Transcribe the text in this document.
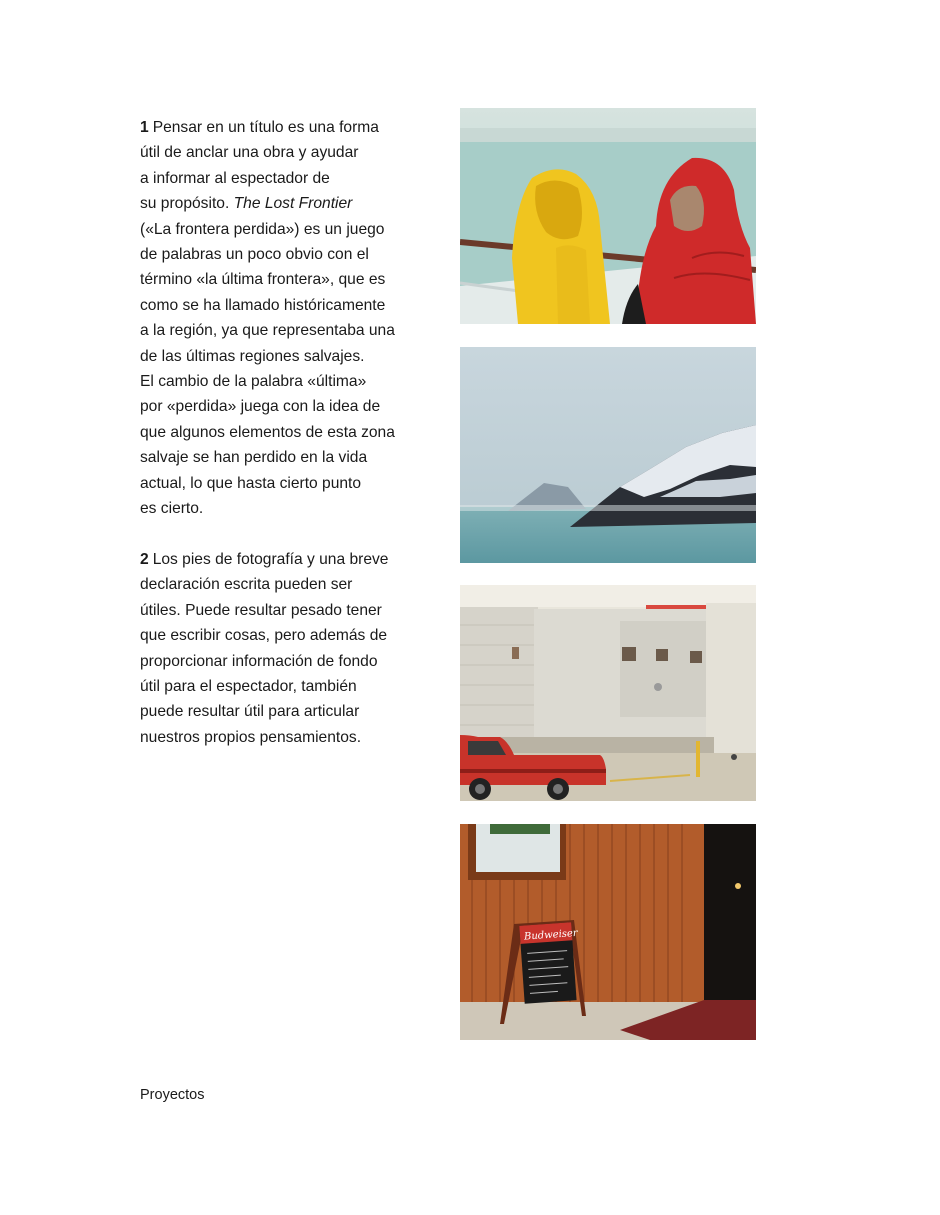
1 Pensar en un título es una forma
útil de anclar una obra y ayudar
a informar al espectador de
su propósito. The Lost Frontier
(«La frontera perdida») es un juego
de palabras un poco obvio con el
término «la última frontera», que es
como se ha llamado históricamente
a la región, ya que representaba una
de las últimas regiones salvajes.
El cambio de la palabra «última»
por «perdida» juega con la idea de
que algunos elementos de esta zona
salvaje se han perdido en la vida
actual, lo que hasta cierto punto
es cierto.
2 Los pies de fotografía y una breve
declaración escrita pueden ser
útiles. Puede resultar pesado tener
que escribir cosas, pero además de
proporcionar información de fondo
útil para el espectador, también
puede resultar útil para articular
nuestros propios pensamientos.
Proyectos
Budweiser
